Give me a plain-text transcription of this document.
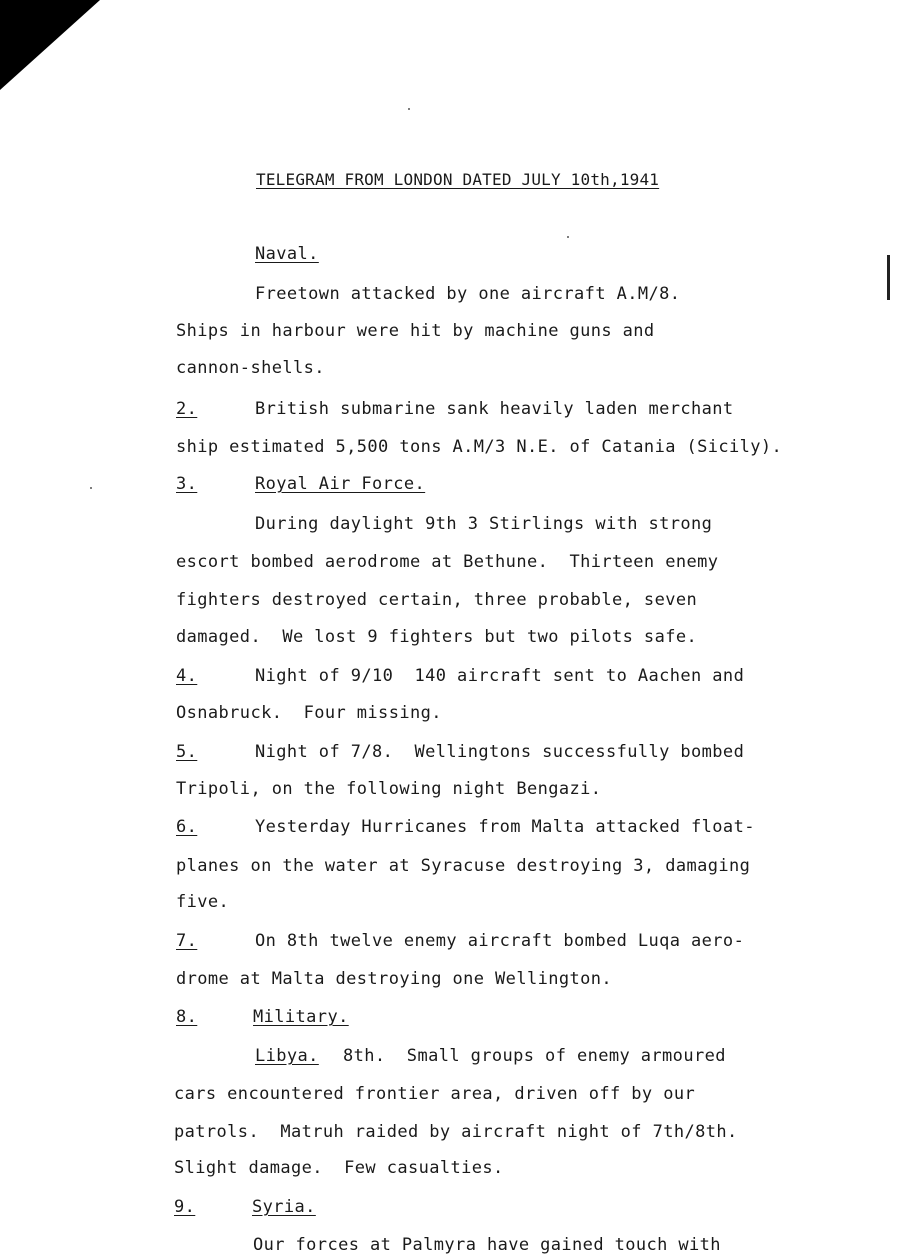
TELEGRAM FROM LONDON DATED JULY 10th,1941
Naval.
Freetown attacked by one aircraft A.M/8.
Ships in harbour were hit by machine guns and
cannon-shells.
2.	British submarine sank heavily laden merchant
ship estimated 5,500 tons A.M/3 N.E. of Catania (Sicily).
3.	Royal Air Force.
During daylight 9th 3 Stirlings with strong
escort bombed aerodrome at Bethune.  Thirteen enemy
fighters destroyed certain, three probable, seven
damaged.  We lost 9 fighters but two pilots safe.
4.	Night of 9/10  140 aircraft sent to Aachen and
Osnabruck.  Four missing.
5.	Night of 7/8.  Wellingtons successfully bombed
Tripoli, on the following night Bengazi.
6.	Yesterday Hurricanes from Malta attacked float-
planes on the water at Syracuse destroying 3, damaging
five.
7.	On 8th twelve enemy aircraft bombed Luqa aero-
drome at Malta destroying one Wellington.
8.	Military.
Libya. 8th.  Small groups of enemy armoured
cars encountered frontier area, driven off by our
patrols.  Matruh raided by aircraft night of 7th/8th.
Slight damage.  Few casualties.
9.	Syria.
Our forces at Palmyra have gained touch with
